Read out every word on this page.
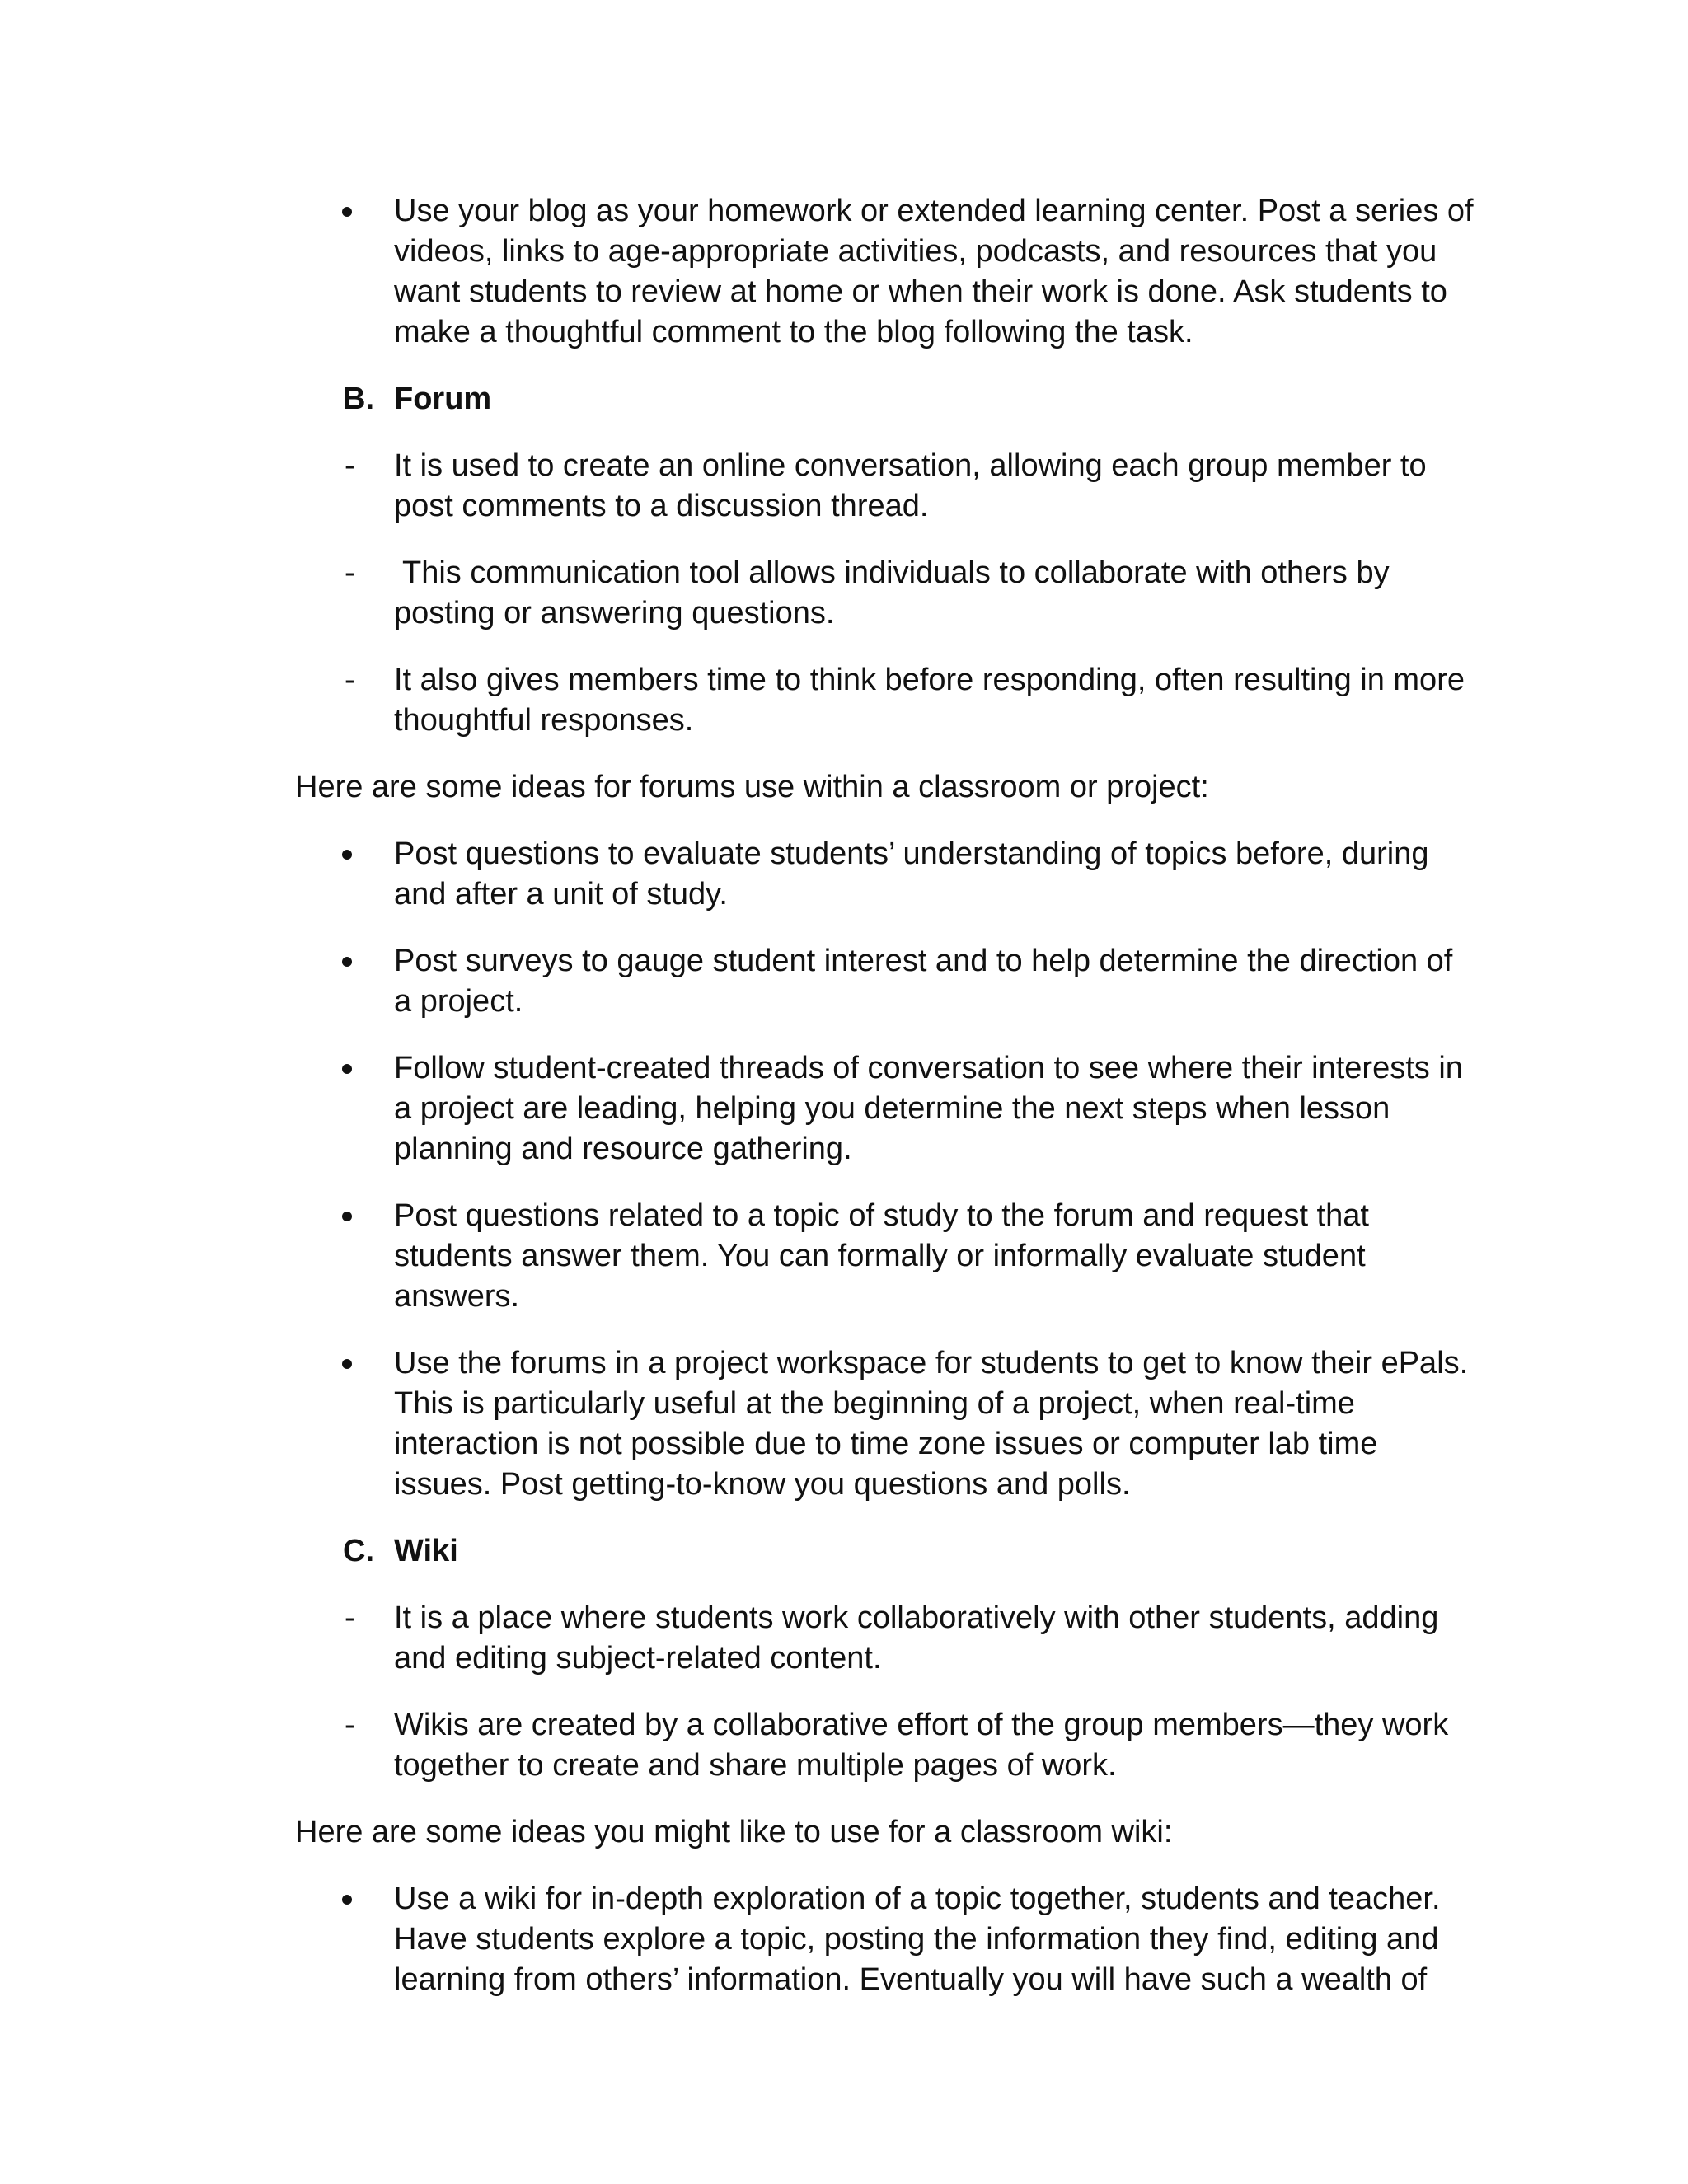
Use your blog as your homework or extended learning center. Post a series of videos, links to age-appropriate activities, podcasts, and resources that you want students to review at home or when their work is done. Ask students to make a thoughtful comment to the blog following the task.
B. Forum
-	It is used to create an online conversation, allowing each group member to post comments to a discussion thread.
-	This communication tool allows individuals to collaborate with others by posting or answering questions.
-	It also gives members time to think before responding, often resulting in more thoughtful responses.

Here are some ideas for forums use within a classroom or project:

Post questions to evaluate students’ understanding of topics before, during and after a unit of study.
Post surveys to gauge student interest and to help determine the direction of a project.
Follow student-created threads of conversation to see where their interests in a project are leading, helping you determine the next steps when lesson planning and resource gathering.
Post questions related to a topic of study to the forum and request that students answer them. You can formally or informally evaluate student answers.
Use the forums in a project workspace for students to get to know their ePals. This is particularly useful at the beginning of a project, when real-time interaction is not possible due to time zone issues or computer lab time issues. Post getting-to-know you questions and polls.
C. Wiki
-	It is a place where students work collaboratively with other students, adding and editing subject-related content.
-	Wikis are created by a collaborative effort of the group members—they work together to create and share multiple pages of work.

Here are some ideas you might like to use for a classroom wiki:

Use a wiki for in-depth exploration of a topic together, students and teacher. Have students explore a topic, posting the information they find, editing and learning from others’ information. Eventually you will have such a wealth of
